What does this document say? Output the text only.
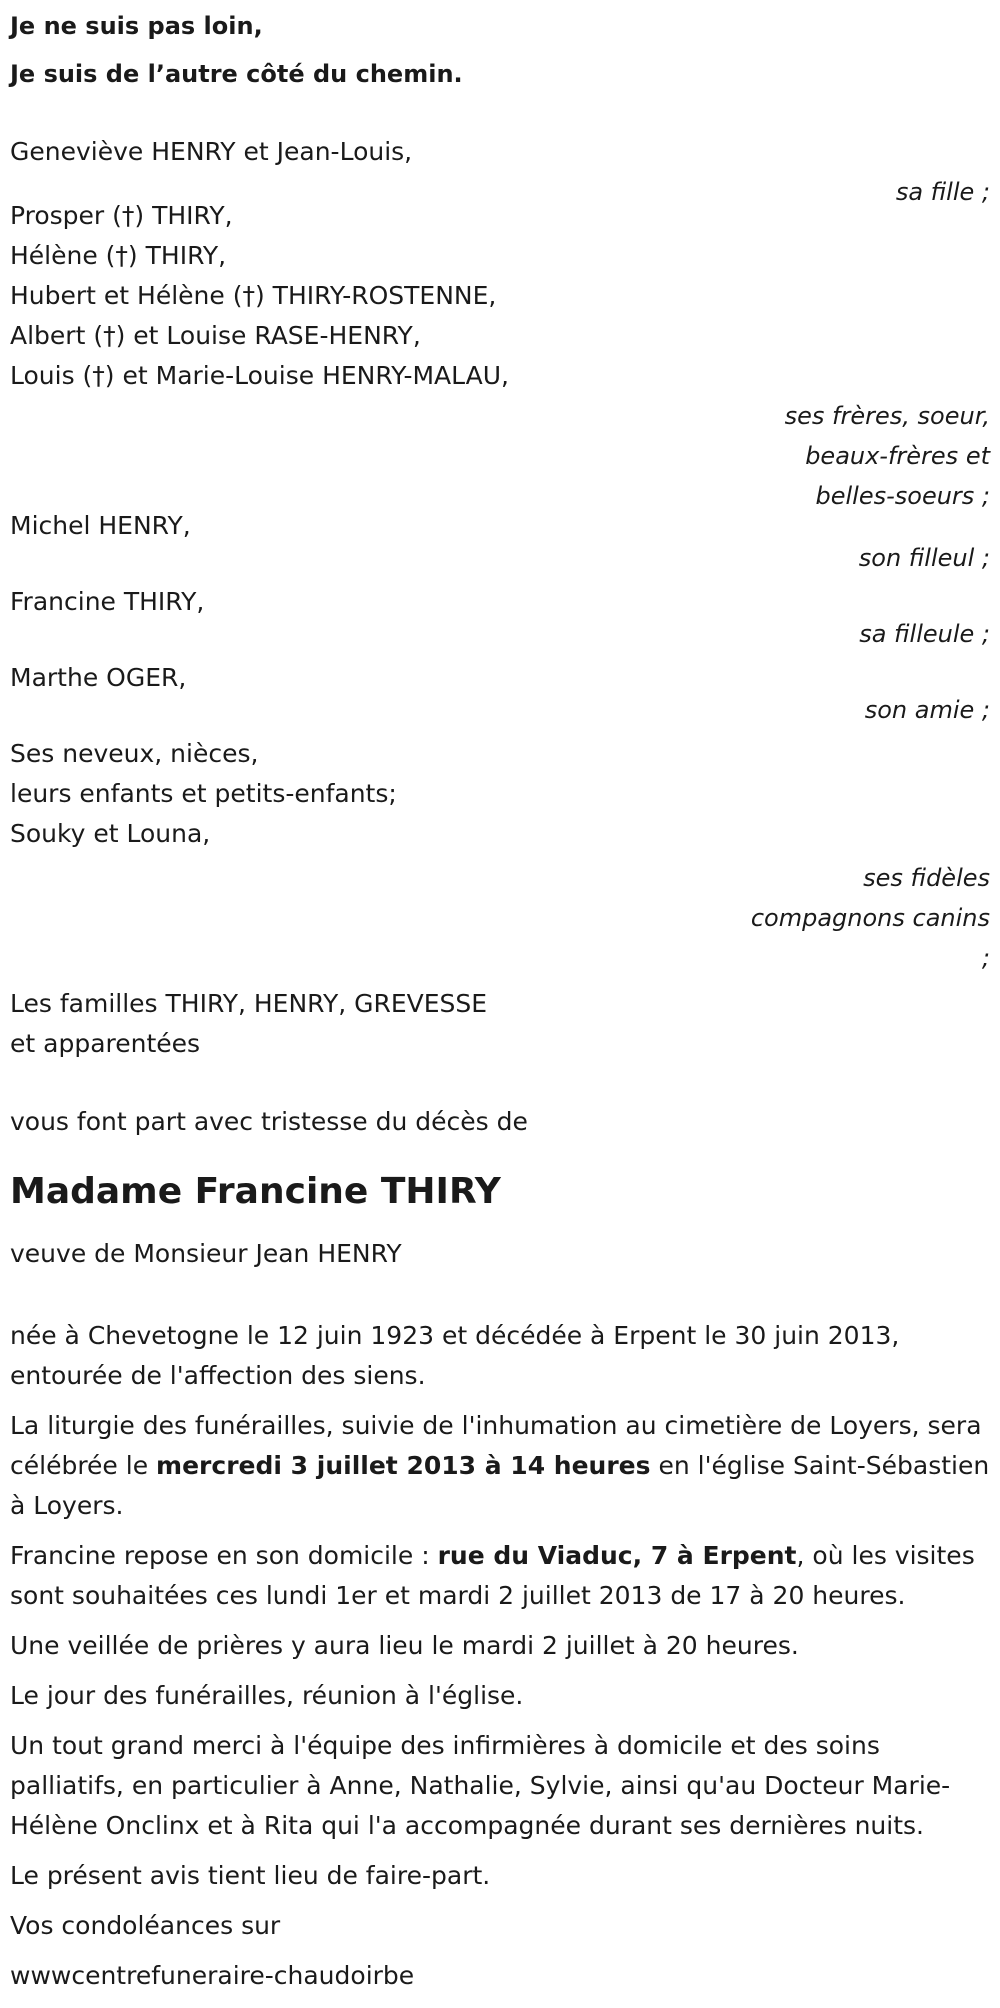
Je ne suis pas loin,
Je suis de l’autre côté du chemin.
Geneviève HENRY et Jean-Louis,
sa fille ;
Prosper (†) THIRY,
Hélène (†) THIRY,
Hubert et Hélène (†) THIRY-ROSTENNE,
Albert (†) et Louise RASE-HENRY,
Louis (†) et Marie-Louise HENRY-MALAU,
ses frères, soeur,
beaux-frères et
belles-soeurs ;
Michel HENRY,
son filleul ;
Francine THIRY,
sa filleule ;
Marthe OGER,
son amie ;
Ses neveux, nièces,
leurs enfants et petits-enfants;
Souky et Louna,
ses fidèles
compagnons canins
;
Les familles THIRY, HENRY, GREVESSE
et apparentées
vous font part avec tristesse du décès de
Madame Francine THIRY
veuve de Monsieur Jean HENRY
née à Chevetogne le 12 juin 1923 et décédée à Erpent le 30 juin 2013, entourée de l'affection des siens.
La liturgie des funérailles, suivie de l'inhumation au cimetière de Loyers, sera célébrée le mercredi 3 juillet 2013 à 14 heures en l'église Saint-Sébastien à Loyers.
Francine repose en son domicile : rue du Viaduc, 7 à Erpent, où les visites sont souhaitées ces lundi 1er et mardi 2 juillet 2013 de 17 à 20 heures.
Une veillée de prières y aura lieu le mardi 2 juillet à 20 heures.
Le jour des funérailles, réunion à l'église.
Un tout grand merci à l'équipe des infirmières à domicile et des soins palliatifs, en particulier à Anne, Nathalie, Sylvie, ainsi qu'au Docteur Marie-Hélène Onclinx et à Rita qui l'a accompagnée durant ses dernières nuits.
Le présent avis tient lieu de faire-part.
Vos condoléances sur
wwwcentrefuneraire-chaudoirbe
